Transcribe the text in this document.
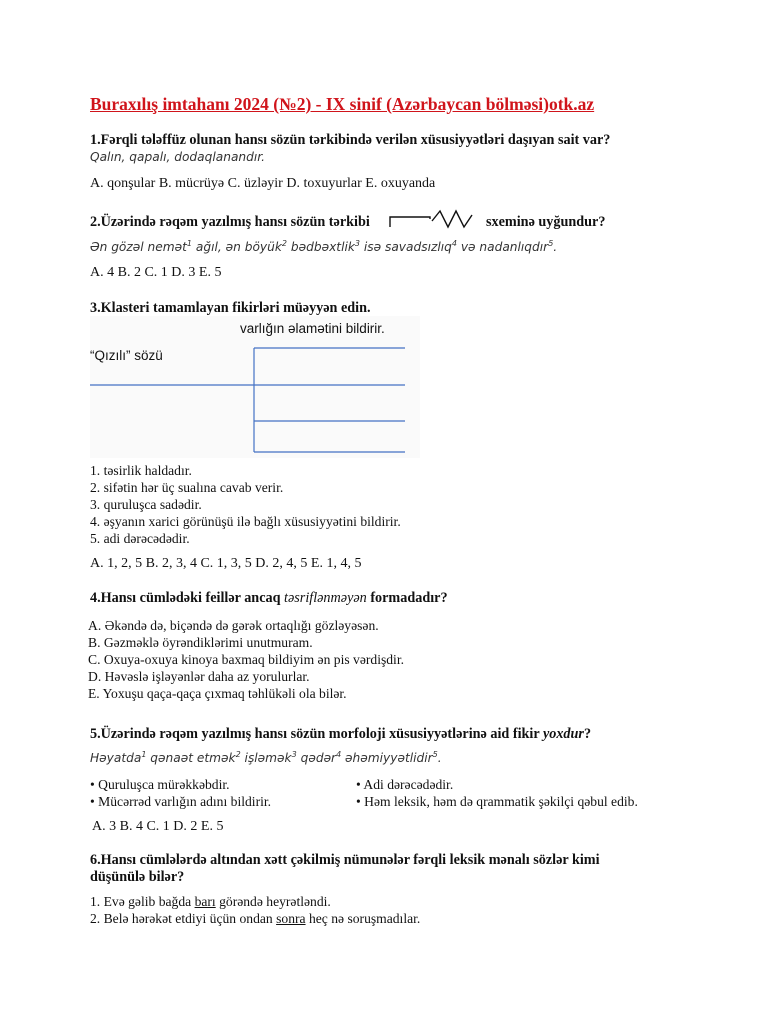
Buraxılış imtahanı 2024 (№2) - IX sinif (Azərbaycan bölməsi)otk.az
1.Fərqli tələffüz olunan hansı sözün tərkibində verilən xüsusiyyətləri daşıyan sait var?
Qalın, qapalı, dodaqlanandır.
A. qonşular B. mücrüyə C. üzləyir D. toxuyurlar E. oxuyanda
2.Üzərində rəqəm yazılmış hansı sözün tərkibi	sxeminə uyğundur?
Ən gözəl nemət$^1$ ağıl, ən böyük$^2$ bədbəxtlik$^3$ isə savadsızlıq$^4$ və nadanlıqdır$^5$.
A. 4 B. 2 C. 1 D. 3 E. 5
3.Klasteri tamamlayan fikirləri müəyyən edin.
varlığın əlamətini bildirir.
“Qızılı” sözü
1. təsirlik haldadır.
2. sifətin hər üç sualına cavab verir.
3. quruluşca sadədir.
4. əşyanın xarici görünüşü ilə bağlı xüsusiyyətini bildirir.
5. adi dərəcədədir.
A. 1, 2, 5 B. 2, 3, 4 C. 1, 3, 5 D. 2, 4, 5 E. 1, 4, 5
4.Hansı cümlədəki feillər ancaq təsriflənməyən formadadır?
A. Əkəndə də, biçəndə də gərək ortaqlığı gözləyəsən.
B. Gəzməklə öyrəndiklərimi unutmuram.
C. Oxuya-oxuya kinoya baxmaq bildiyim ən pis vərdişdir.
D. Həvəslə işləyənlər daha az yorulurlar.
E. Yoxuşu qaça-qaça çıxmaq təhlükəli ola bilər.
5.Üzərində rəqəm yazılmış hansı sözün morfoloji xüsusiyyətlərinə aid fikir yoxdur?
Həyatda$^1$ qənaət etmək$^2$ işləmək$^3$ qədər$^4$ əhəmiyyətlidir$^5$.
• Quruluşca mürəkkəbdir.
• Mücərrəd varlığın adını bildirir.
• Adi dərəcədədir.
• Həm leksik, həm də qrammatik şəkilçi qəbul edib.
A. 3 B. 4 C. 1 D. 2 E. 5
6.Hansı cümlələrdə altından xətt çəkilmiş nümunələr fərqli leksik mənalı sözlər kimi
düşünülə bilər?
1. Evə gəlib bağda barı görəndə heyrətləndi.
2. Belə hərəkət etdiyi üçün ondan sonra heç nə soruşmadılar.
